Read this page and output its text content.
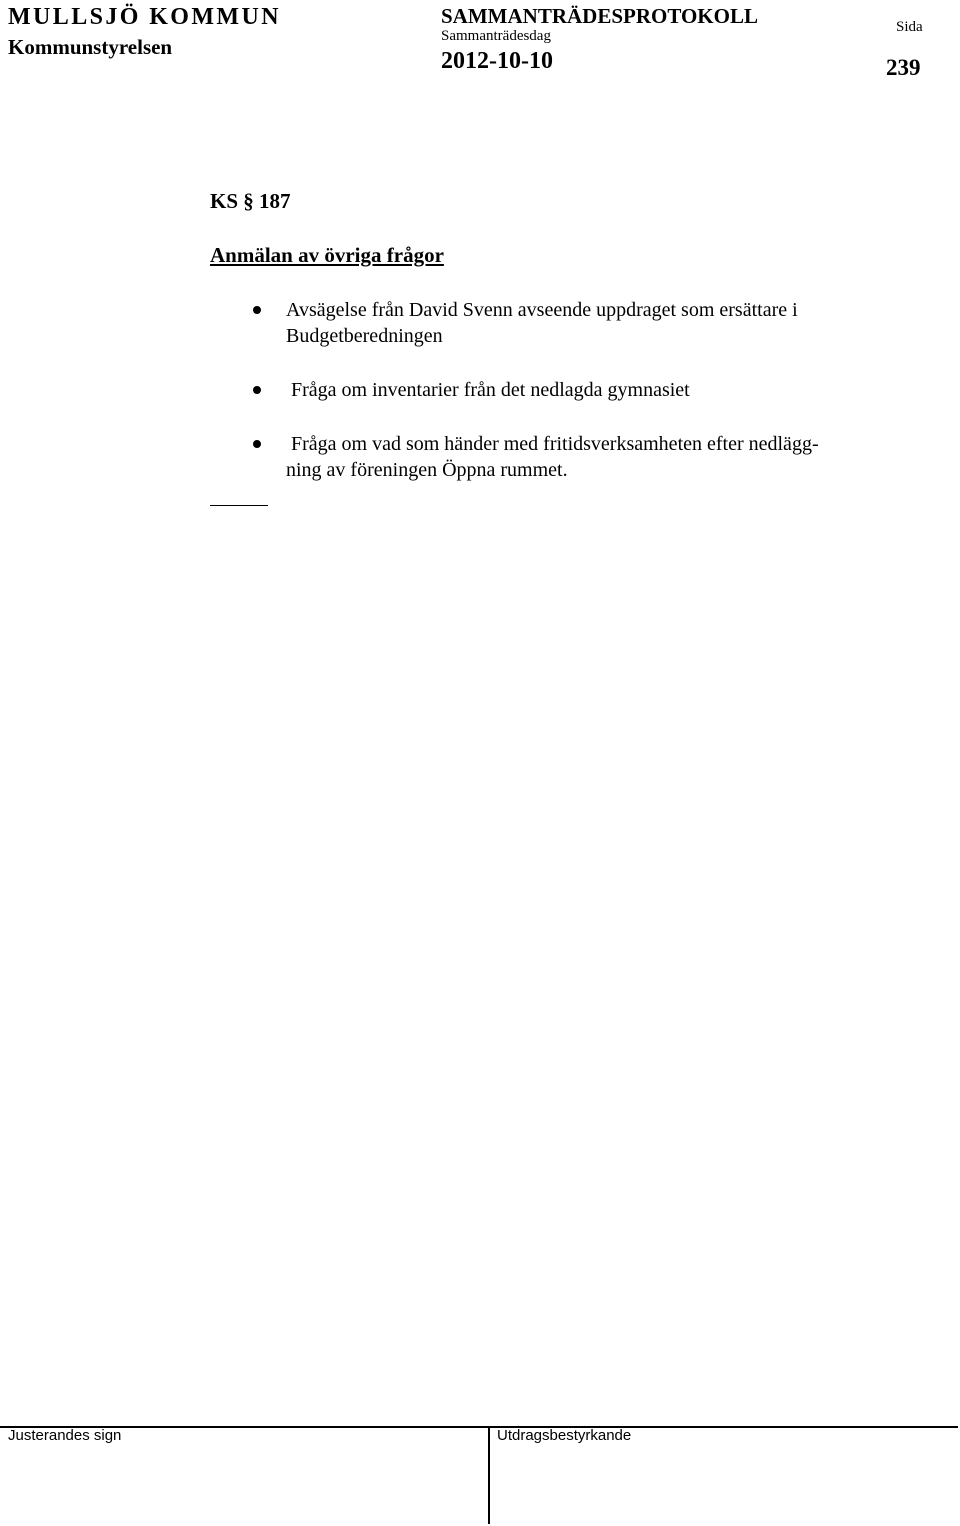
MULLSJÖ KOMMUN
Kommunstyrelsen
SAMMANTRÄDESPROTOKOLL
Sammanträdesdag
2012-10-10
Sida
239
KS § 187
Anmälan av övriga frågor
Avsägelse från David Svenn avseende uppdraget som ersättare i
Budgetberedningen
Fråga om inventarier från det nedlagda gymnasiet
Fråga om vad som händer med fritidsverksamheten efter nedlägg-
ning av föreningen Öppna rummet.
Justerandes sign	Utdragsbestyrkande
